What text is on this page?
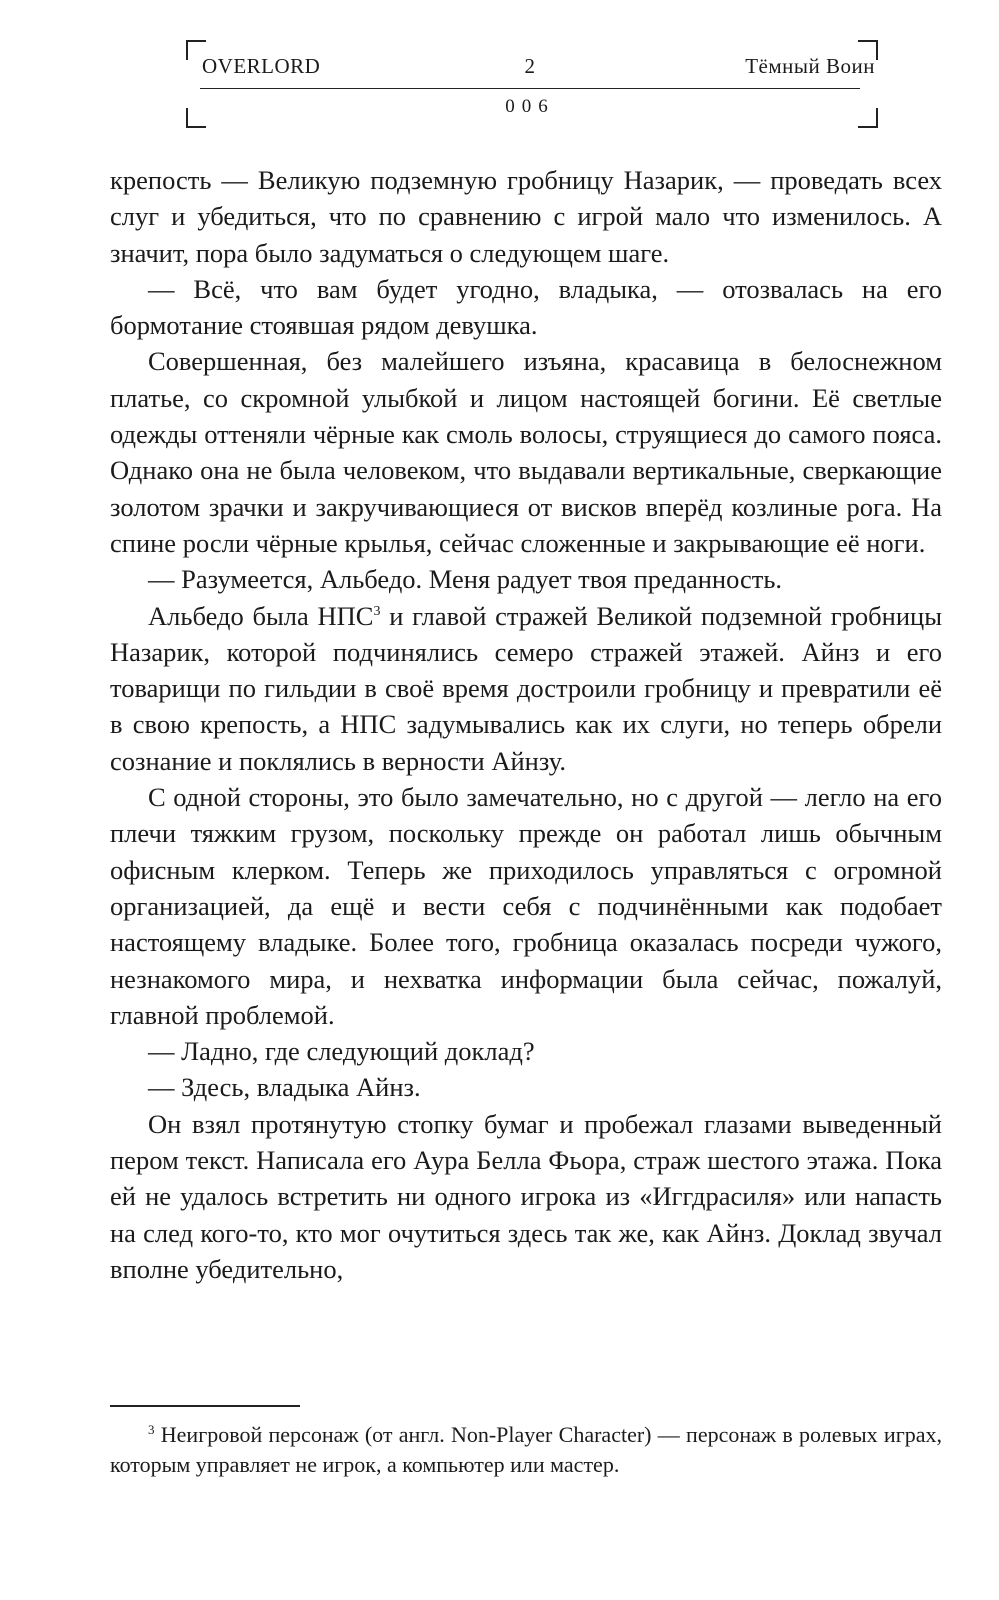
OVERLORD	2	Тёмный Воин
006

крепость — Великую подземную гробницу Назарик, — проведать всех слуг и убедиться, что по сравнению с игрой мало что изменилось. А значит, пора было задуматься о следующем шаге.

— Всё, что вам будет угодно, владыка, — отозвалась на его бормотание стоявшая рядом девушка.

Совершенная, без малейшего изъяна, красавица в белоснежном платье, со скромной улыбкой и лицом настоящей богини. Её светлые одежды оттеняли чёрные как смоль волосы, струящиеся до самого пояса. Однако она не была человеком, что выдавали вертикальные, сверкающие золотом зрачки и закручивающиеся от висков вперёд козлиные рога. На спине росли чёрные крылья, сейчас сложенные и закрывающие её ноги.

— Разумеется, Альбедо. Меня радует твоя преданность.

Альбедо была НПС$^3$ и главой стражей Великой подземной гробницы Назарик, которой подчинялись семеро стражей этажей. Айнз и его товарищи по гильдии в своё время достроили гробницу и превратили её в свою крепость, а НПС задумывались как их слуги, но теперь обрели сознание и поклялись в верности Айнзу.

С одной стороны, это было замечательно, но с другой — легло на его плечи тяжким грузом, поскольку прежде он работал лишь обычным офисным клерком. Теперь же приходилось управляться с огромной организацией, да ещё и вести себя с подчинёнными как подобает настоящему владыке. Более того, гробница оказалась посреди чужого, незнакомого мира, и нехватка информации была сейчас, пожалуй, главной проблемой.

— Ладно, где следующий доклад?

— Здесь, владыка Айнз.

Он взял протянутую стопку бумаг и пробежал глазами выведенный пером текст. Написала его Аура Белла Фьора, страж шестого этажа. Пока ей не удалось встретить ни одного игрока из «Иггдрасиля» или напасть на след кого-то, кто мог очутиться здесь так же, как Айнз. Доклад звучал вполне убедительно,

$^3$ Неигровой персонаж (от англ. Non-Player Character) — персонаж в ролевых играх, которым управляет не игрок, а компьютер или мастер.
